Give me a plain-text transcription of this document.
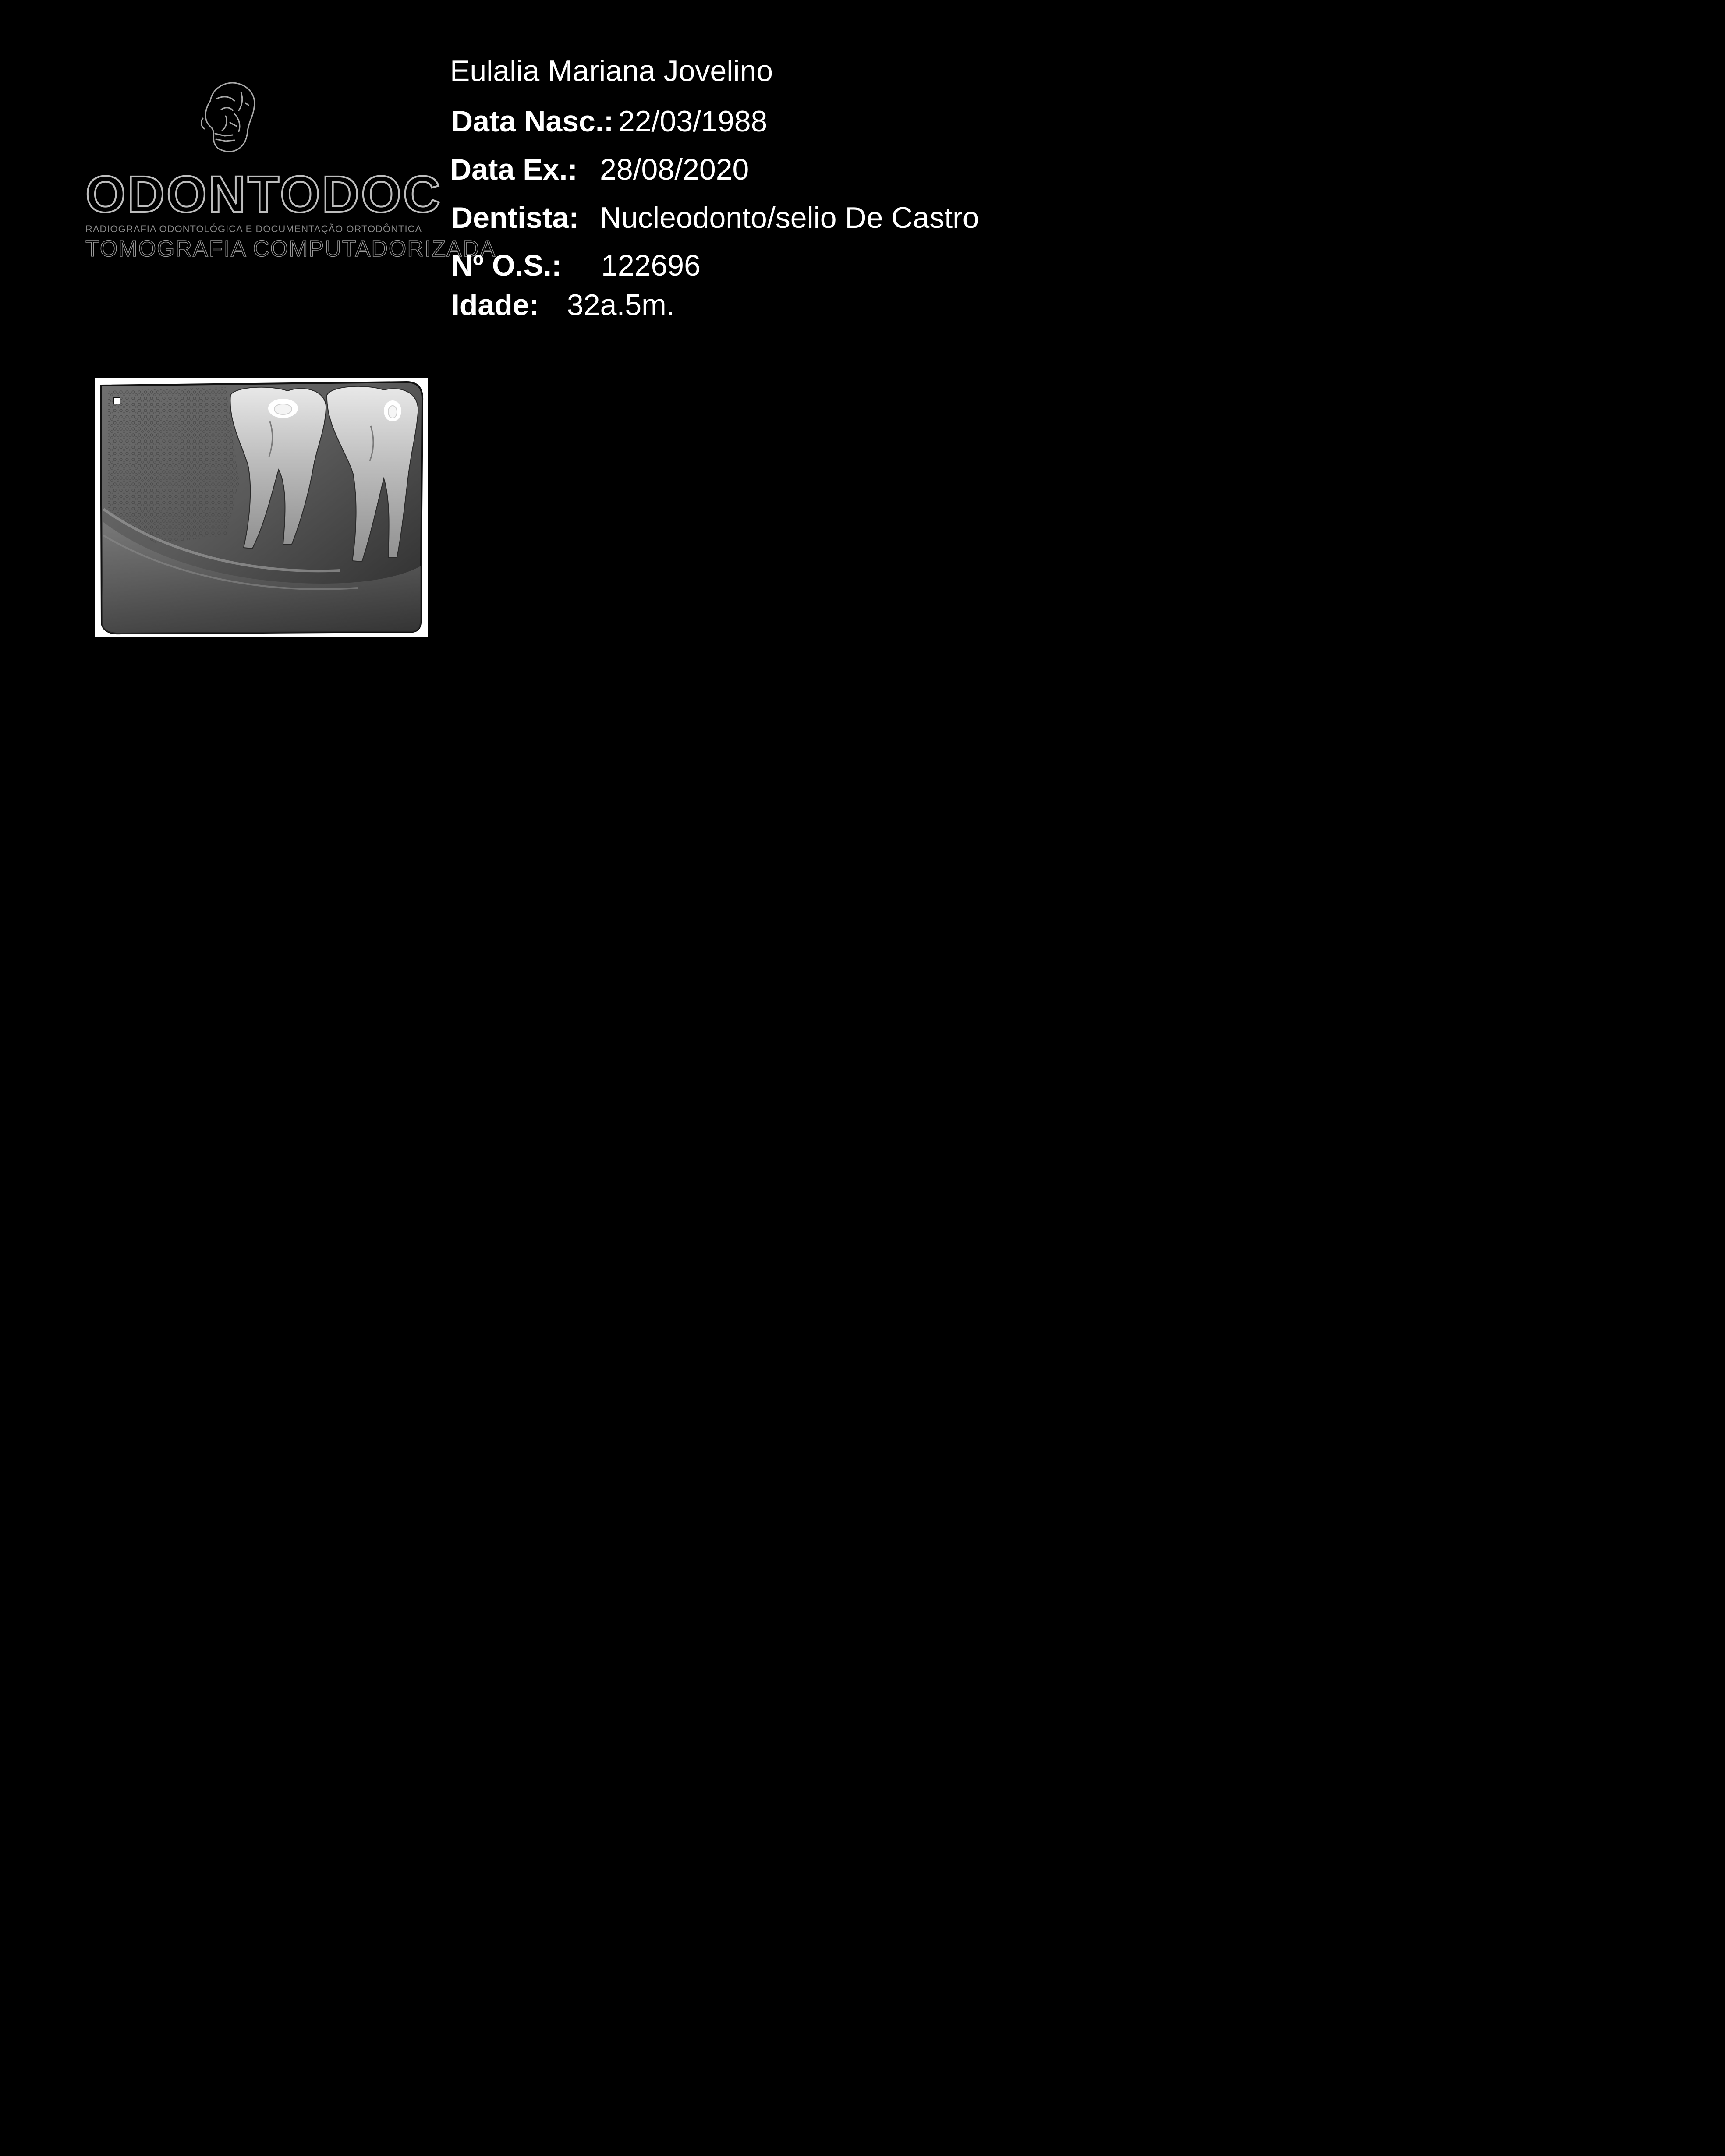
ODONTODOC
RADIOGRAFIA ODONTOLÓGICA E DOCUMENTAÇÃO ORTODÔNTICA
TOMOGRAFIA COMPUTADORIZADA
Eulalia Mariana Jovelino
Data Nasc.: 22/03/1988
Data Ex.: 28/08/2020
Dentista: Nucleodonto/selio De Castro
Nº O.S.: 122696
Idade: 32a.5m.
